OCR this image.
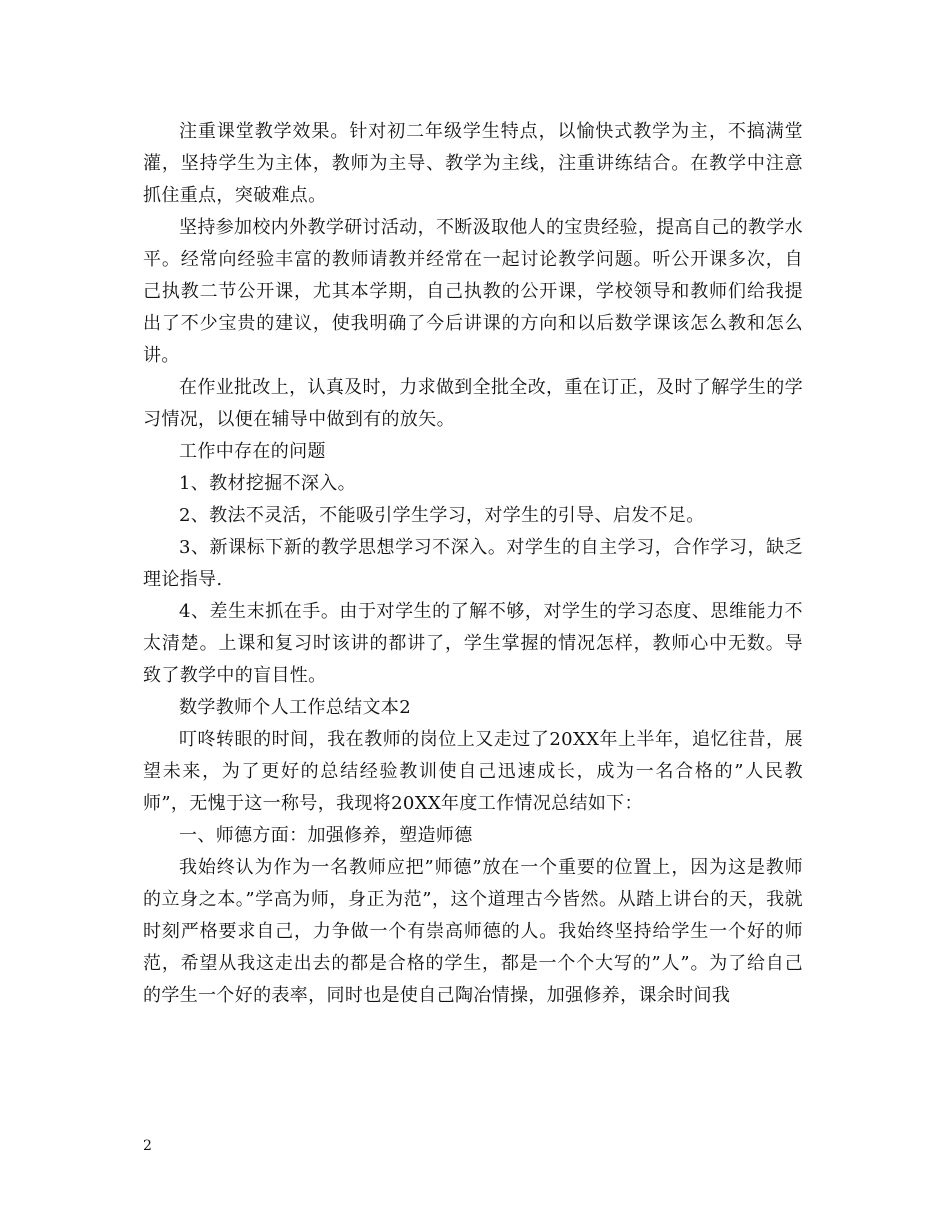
注重课堂教学效果。针对初二年级学生特点，以愉快式教学为主，不搞满堂灌，坚持学生为主体，教师为主导、教学为主线，注重讲练结合。在教学中注意抓住重点，突破难点。

坚持参加校内外教学研讨活动，不断汲取他人的宝贵经验，提高自己的教学水平。经常向经验丰富的教师请教并经常在一起讨论教学问题。听公开课多次，自己执教二节公开课，尤其本学期，自己执教的公开课，学校领导和教师们给我提出了不少宝贵的建议，使我明确了今后讲课的方向和以后数学课该怎么教和怎么讲。

在作业批改上，认真及时，力求做到全批全改，重在订正，及时了解学生的学习情况，以便在辅导中做到有的放矢。

工作中存在的问题

1、教材挖掘不深入。

2、教法不灵活，不能吸引学生学习，对学生的引导、启发不足。

3、新课标下新的教学思想学习不深入。对学生的自主学习，合作学习，缺乏理论指导.

4、差生末抓在手。由于对学生的了解不够，对学生的学习态度、思维能力不太清楚。上课和复习时该讲的都讲了，学生掌握的情况怎样，教师心中无数。导致了教学中的盲目性。

数学教师个人工作总结文本2

叮咚转眼的时间，我在教师的岗位上又走过了20XX年上半年，追忆往昔，展望未来，为了更好的总结经验教训使自己迅速成长，成为一名合格的”人民教师”，无愧于这一称号，我现将20XX年度工作情况总结如下：

一、师德方面：加强修养，塑造师德

我始终认为作为一名教师应把”师德”放在一个重要的位置上，因为这是教师的立身之本。”学高为师，身正为范”，这个道理古今皆然。从踏上讲台的天，我就时刻严格要求自己，力争做一个有崇高师德的人。我始终坚持给学生一个好的师范，希望从我这走出去的都是合格的学生，都是一个个大写的”人”。为了给自己的学生一个好的表率，同时也是使自己陶冶情操，加强修养，课余时间我

2
